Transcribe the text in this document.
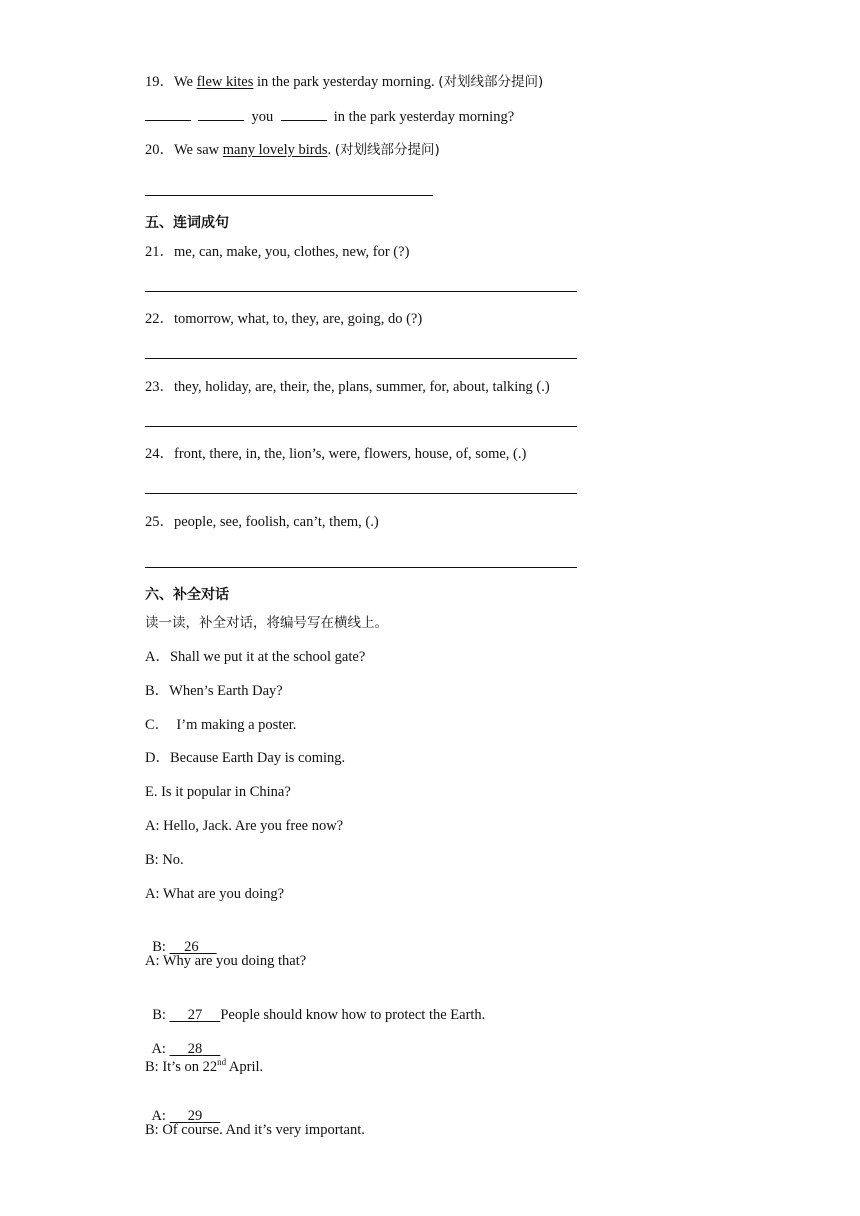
19．We flew kites in the park yesterday morning. (对划线部分提问)
you	in the park yesterday morning?
20．We saw many lovely birds. (对划线部分提问)
五、连词成句
21．me, can, make, you, clothes, new, for (?)
22．tomorrow, what, to, they, are, going, do (?)
23．they, holiday, are, their, the, plans, summer, for, about, talking (.)
24．front, there, in, the, lion’s, were, flowers, house, of, some, (.)
25．people, see, foolish, can’t, them, (.)
六、补全对话
读一读，补全对话，将编号写在横线上。
A．Shall we put it at the school gate?
B．When’s Earth Day?
C．  I’m making a poster.
D．Because Earth Day is coming.
E. Is it popular in China?
A: Hello, Jack. Are you free now?
B: No.
A: What are you doing?

B:     26

A: Why are you doing that?

B:      27 People should know how to protect the Earth.

A:      28

B: It’s on 22nd April.

A:      29

B: Of course. And it’s very important.
